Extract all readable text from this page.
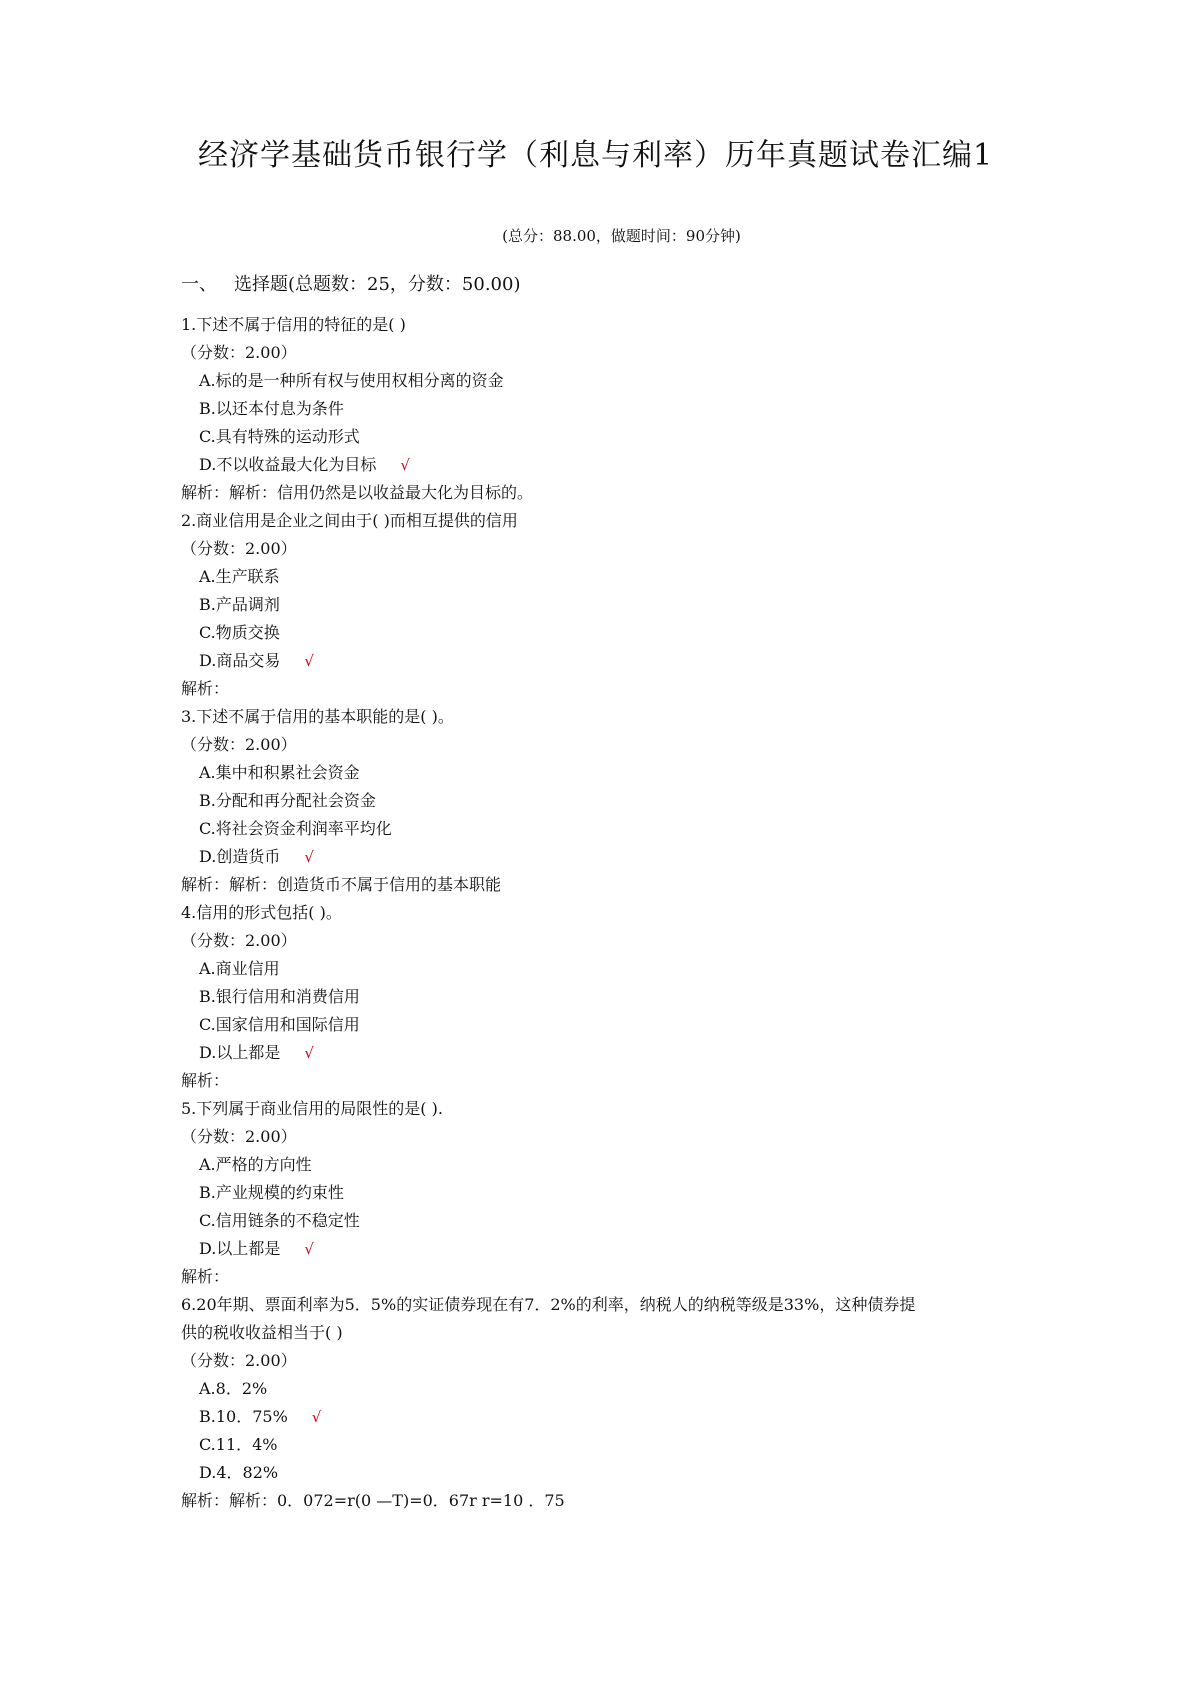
经济学基础货币银行学（利息与利率）历年真题试卷汇编1
(总分：88.00，做题时间：90分钟)
一、 选择题(总题数：25，分数：50.00)
1.下述不属于信用的特征的是( )
（分数：2.00）
A.标的是一种所有权与使用权相分离的资金
B.以还本付息为条件
C.具有特殊的运动形式
D.不以收益最大化为目标 √
解析：解析：信用仍然是以收益最大化为目标的。
2.商业信用是企业之间由于( )而相互提供的信用
（分数：2.00）
A.生产联系
B.产品调剂
C.物质交换
D.商品交易 √
解析：
3.下述不属于信用的基本职能的是( )。
（分数：2.00）
A.集中和积累社会资金
B.分配和再分配社会资金
C.将社会资金利润率平均化
D.创造货币 √
解析：解析：创造货币不属于信用的基本职能
4.信用的形式包括( )。
（分数：2.00）
A.商业信用
B.银行信用和消费信用
C.国家信用和国际信用
D.以上都是 √
解析：
5.下列属于商业信用的局限性的是( ).
（分数：2.00）
A.严格的方向性
B.产业规模的约束性
C.信用链条的不稳定性
D.以上都是 √
解析：
6.20年期、票面利率为5．5%的实证债券现在有7．2%的利率，纳税人的纳税等级是33%，这种债券提
供的税收收益相当于( )
（分数：2.00）
A.8．2%
B.10．75% √
C.11．4%
D.4．82%
解析：解析：0．072=r(0 —T)=0．67r r=10 ．75
